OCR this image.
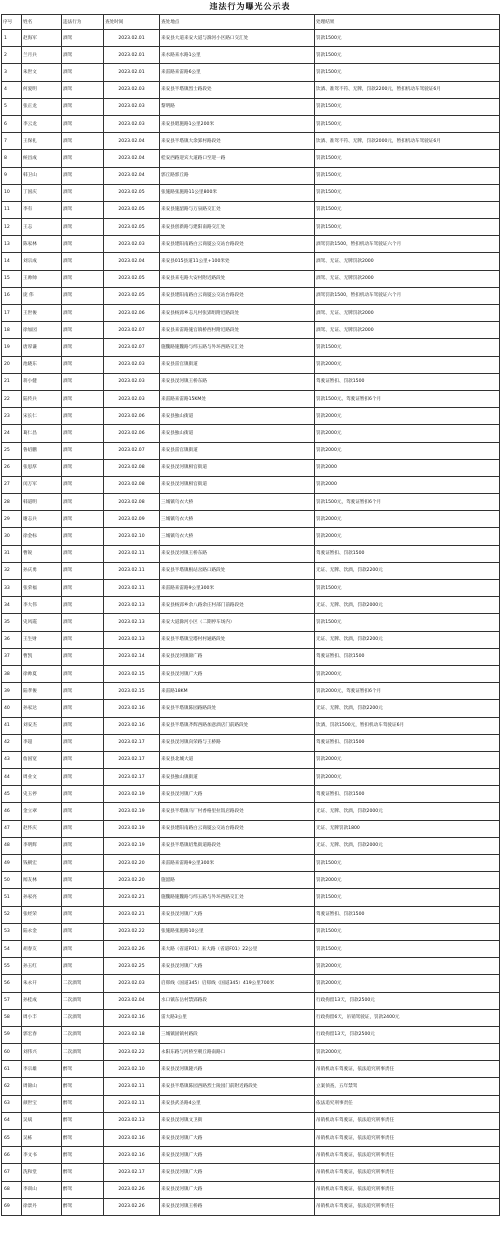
违法行为曝光公示表
序号	姓名	违法行为	查处时间	查处地点	处理结果
1	赵海军	酒驾	2023.02.01	来安县大道来安大道与滁河小区路口交汇处	罚款1500元
2	兰月兵	酒驾	2023.02.01	来水路来水路1公里	罚款1500元
3	朱世文	酒驾	2023.02.01	来雷路来雷路6公里	罚款1500元
4	何爱明	酒驾	2023.02.03	来安县半塔镇烈士路段处	饮酒、准驾不符、无牌，罚款2200元，暂扣机动车驾驶证6月
5	张正龙	酒驾	2023.02.03	黎明路	罚款1500元
6	李云龙	酒驾	2023.02.03	来安县昭施路1公里200米	罚款1500元
7	王保礼	酒驾	2023.02.04	来安县半塔镇大余郢村路段处	饮酒、准驾不符、无牌，罚款2000元，暂扣机动车驾驶证6月
8	候昌成	酒驾	2023.02.04	桂安西路迎宾大道路口至迎一路	罚款1500元
9	韩卫山	酒驾	2023.02.04	郭丘路郭丘路	罚款1500元
10	丁国庆	酒驾	2023.02.05	张施路张施路11公里800米	罚款1500元
11	李有	酒驾	2023.02.05	来安县施韶路与万泉路交汇处	罚款1500元
12	王志	酒驾	2023.02.05	来安县创新路与建阳南路交汇处	罚款1500元
13	陈家林	酒驾	2023.02.03	来安县建阳南路白云商厦公交站台路段处	酒驾罚款1500，暂扣机动车驾驶证六个月
14	刘宗成	酒驾	2023.02.04	来安县015县道11公里+100米处	酒驾、无证、无牌罚款2000
15	王帅帅	酒驾	2023.02.05	来安县来屯路大安村附近路段处	酒驾、无证、无牌罚款2000
16	庞 伟	酒驾	2023.02.05	来安县建阳南路白云商厦公交站台路段处	酒驾罚款1500，暂扣机动车驾驶证六个月
17	王世俊	酒驾	2023.02.06	来安县杨郢乡志凡村张郢组附近路段处	酒驾、无证、无牌罚款2000
18	徐加园	酒驾	2023.02.07	来安县来雷路施官镇桥西村附近路段处	酒驾、无证、无牌罚款2000
19	唐厚谦	酒驾	2023.02.07	施魏路施魏路与纬五路与外环西路交汇处	罚款1500元
20	池晓东	酒驾	2023.02.03	来安县雷官镇街道	罚款2000元
21	蒋小健	酒驾	2023.02.03	来安县汊河镇王桥东路	驾驶证暂扣、罚款1500
22	陆传兵	酒驾	2023.02.03	来雷路来雷路15KM处	罚款1500元、驾驶证暂扣6个月
23	宋长仁	酒驾	2023.02.06	来安县独山街道	罚款2000元
24	葛仁昌	酒驾	2023.02.06	来安县独山街道	罚款2000元
25	鲁绍鹏	酒驾	2023.02.07	来安县雷官镇街道	罚款2000元
26	张思厚	酒驾	2023.02.08	来安县汊河镇相官街道	罚款2000
27	闵万军	酒驾	2023.02.08	来安县汊河镇相官街道	罚款2000
28	韩道明	酒驾	2023.02.08	三城镇乌衣大桥	罚款1500元，驾驶证暂扣6个月
29	谢志兵	酒驾	2023.02.09	三城镇乌衣大桥	罚款2000元
30	徐金标	酒驾	2023.02.10	三城镇乌衣大桥	罚款2000元
31	曹锐	酒驾	2023.02.11	来安县汊河镇王桥东路	驾驶证暂扣、罚款1500
32	孙庆勇	酒驾	2023.02.11	来安县半塔镇根站岔路口路段处	无证、无牌、饮酒，罚款2200元
33	张荣福	酒驾	2023.02.11	来雷路来雷路9公里300米	罚款1500元
34	李大伟	酒驾	2023.02.13	来安县杨郢乡余八路余庄村部门前路段处	无证、无牌、饮酒，罚款2000元
35	史风霞	酒驾	2023.02.13	来安大道滁河小区（二期停车场内）	罚款1500元
36	王生财	酒驾	2023.02.13	来安县半塔镇宝塔村村通路段处	无证、无牌、饮酒，罚款2200元
37	曹凯	酒驾	2023.02.14	来安县汊河镇锦广路	驾驶证暂扣、罚款1500
38	徐帅夏	酒驾	2023.02.15	来安县汊河镇广大路	罚款2000元
39	陆孝俊	酒驾	2023.02.15	来雷路18KM	罚款2000元，驾驶证暂扣6个月
40	孙家达	酒驾	2023.02.16	来安县半塔镇陈园路路段处	无证、无牌、饮酒，罚款2200元
41	刘安杰	酒驾	2023.02.16	来安县半塔镇齐辉西路加意酒店门前路段处	饮酒，罚款1500元，暂扣机动车驾驶证6月
42	李超	酒驾	2023.02.17	来安县汊河镇向荣路与王桥路	驾驶证暂扣、罚款1500
43	詹国宽	酒驾	2023.02.17	来安县北城大道	罚款2000元
44	周业文	酒驾	2023.02.17	来安县独山镇街道	罚款2000元
45	史玉停	酒驾	2023.02.19	来安县汊河镇广大路	驾驶证暂扣、罚款1500
46	金立翠	酒驾	2023.02.19	来安县半塔镇马厂村香格里拉饭店路段处	无证、无牌、饮酒，罚款2000元
47	赵怀庆	酒驾	2023.02.19	来安县建阳南路白云商厦公交站台路段处	无证、无牌罚款1800
48	李明辉	酒驾	2023.02.19	来安县半塔镇绍集街道路段处	无证、无牌、饮酒，罚款2000元
49	钱朝宏	酒驾	2023.02.20	来雷路来雷路9公里300米	罚款1500元
50	闻友林	酒驾	2023.02.20	施韶路	罚款2000元
51	孙家亮	酒驾	2023.02.21	施魏路施魏路与纬五路与外环西路交汇处	罚款1500元
52	张经荣	酒驾	2023.02.21	来安县汊河镇广大路	驾驶证暂扣、罚款1500
53	陆永金	酒驾	2023.02.22	张施路张施路10公里	罚款1500元
54	胡春友	酒驾	2023.02.26	来大路（省道F01）来大路（省道F01）22公里	罚款1500元
55	孙玉红	酒驾	2023.02.25	来安县汊河镇广大路	罚款2000元
56	朱永开	二次酒驾	2023.02.03	启郏线（国道345）启郏线（国道345）419公里700米	罚款2000元
57	孙桂成	二次酒驾	2023.02.04	水口镇东岳村禁郢路段	行政拘留13天，罚款2500元
58	周小丰	二次酒驾	2023.02.16	雷大路3公里	行政拘留6天，吊销驾驶证，罚款2400元
59	郭宏春	二次酒驾	2023.02.18	三城镇固镇村路段	行政拘留13天，罚款2500元
60	刘伟兴	二次酒驾	2023.02.22	永阳东路与河桥至朝丘路南路口	罚款2000元
61	李宗雄	醉驾	2023.02.10	来安县汊河镇隆兴路	吊销机动车驾驶证，依法追究刑事责任
62	周锦山	醉驾	2023.02.11	来安县半塔镇陈园西路烈士陵园门前附近路段处	立案侦查，五年禁驾
63	颜世宝	醉驾	2023.02.11	来安县武圣路4公里	依法追究刑事责任
64	吴斌	醉驾	2023.02.13	来安县汊河镇文卫街	吊销机动车驾驶证，依法追究刑事责任
65	吴栋	醉驾	2023.02.16	来安县汊河镇广大路	吊销机动车驾驶证，依法追究刑事责任
66	李文书	醉驾	2023.02.16	来安县汊河镇广大路	吊销机动车驾驶证，依法追究刑事责任
67	洗和堂	醉驾	2023.02.17	来安县汊河镇广大路	吊销机动车驾驶证，依法追究刑事责任
68	李训山	醉驾	2023.02.26	来安县汊河镇广大路	吊销机动车驾驶证，依法追究刑事责任
69	徐景丹	醉驾	2023.02.26	来安县汊河镇王桥路	吊销机动车驾驶证，依法追究刑事责任
